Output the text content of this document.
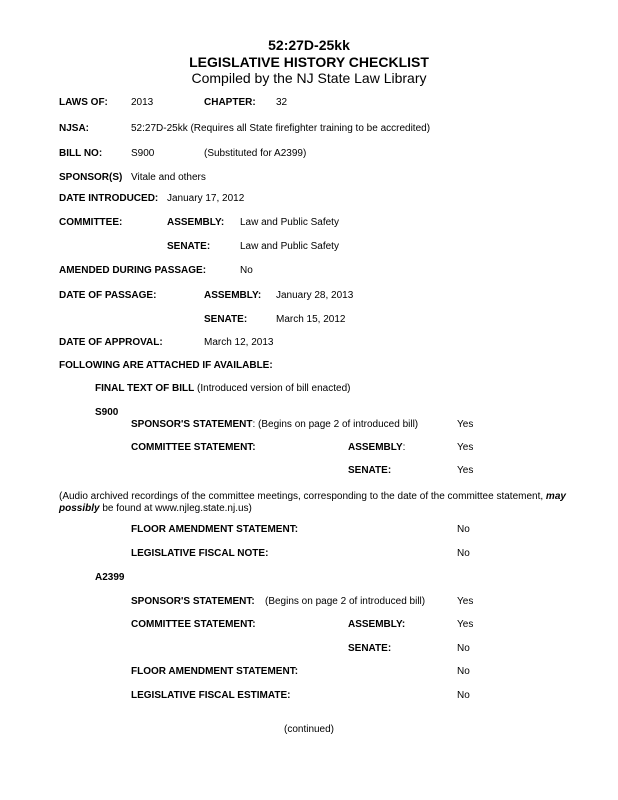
52:27D-25kk
LEGISLATIVE HISTORY CHECKLIST
Compiled by the NJ State Law Library
LAWS OF: 2013	CHAPTER: 32
NJSA:	52:27D-25kk (Requires all State firefighter training to be accredited)
BILL NO:	S900	(Substituted for A2399)
SPONSOR(S) Vitale and others
DATE INTRODUCED: January 17, 2012
COMMITTEE:	ASSEMBLY: Law and Public Safety
SENATE:	Law and Public Safety
AMENDED DURING PASSAGE:	No
DATE OF PASSAGE:	ASSEMBLY: January 28, 2013
SENATE:	March 15, 2012
DATE OF APPROVAL:	March 12, 2013
FOLLOWING ARE ATTACHED IF AVAILABLE:
FINAL TEXT OF BILL (Introduced version of bill enacted)
S900
SPONSOR'S STATEMENT: (Begins on page 2 of introduced bill)	Yes
COMMITTEE STATEMENT:	ASSEMBLY:	Yes
SENATE:	Yes
(Audio archived recordings of the committee meetings, corresponding to the date of the committee statement, may possibly be found at www.njleg.state.nj.us)
FLOOR AMENDMENT STATEMENT:	No
LEGISLATIVE FISCAL NOTE:	No
A2399
SPONSOR'S STATEMENT: (Begins on page 2 of introduced bill)	Yes
COMMITTEE STATEMENT:	ASSEMBLY:	Yes
SENATE:	No
FLOOR AMENDMENT STATEMENT:	No
LEGISLATIVE FISCAL ESTIMATE:	No
(continued)
